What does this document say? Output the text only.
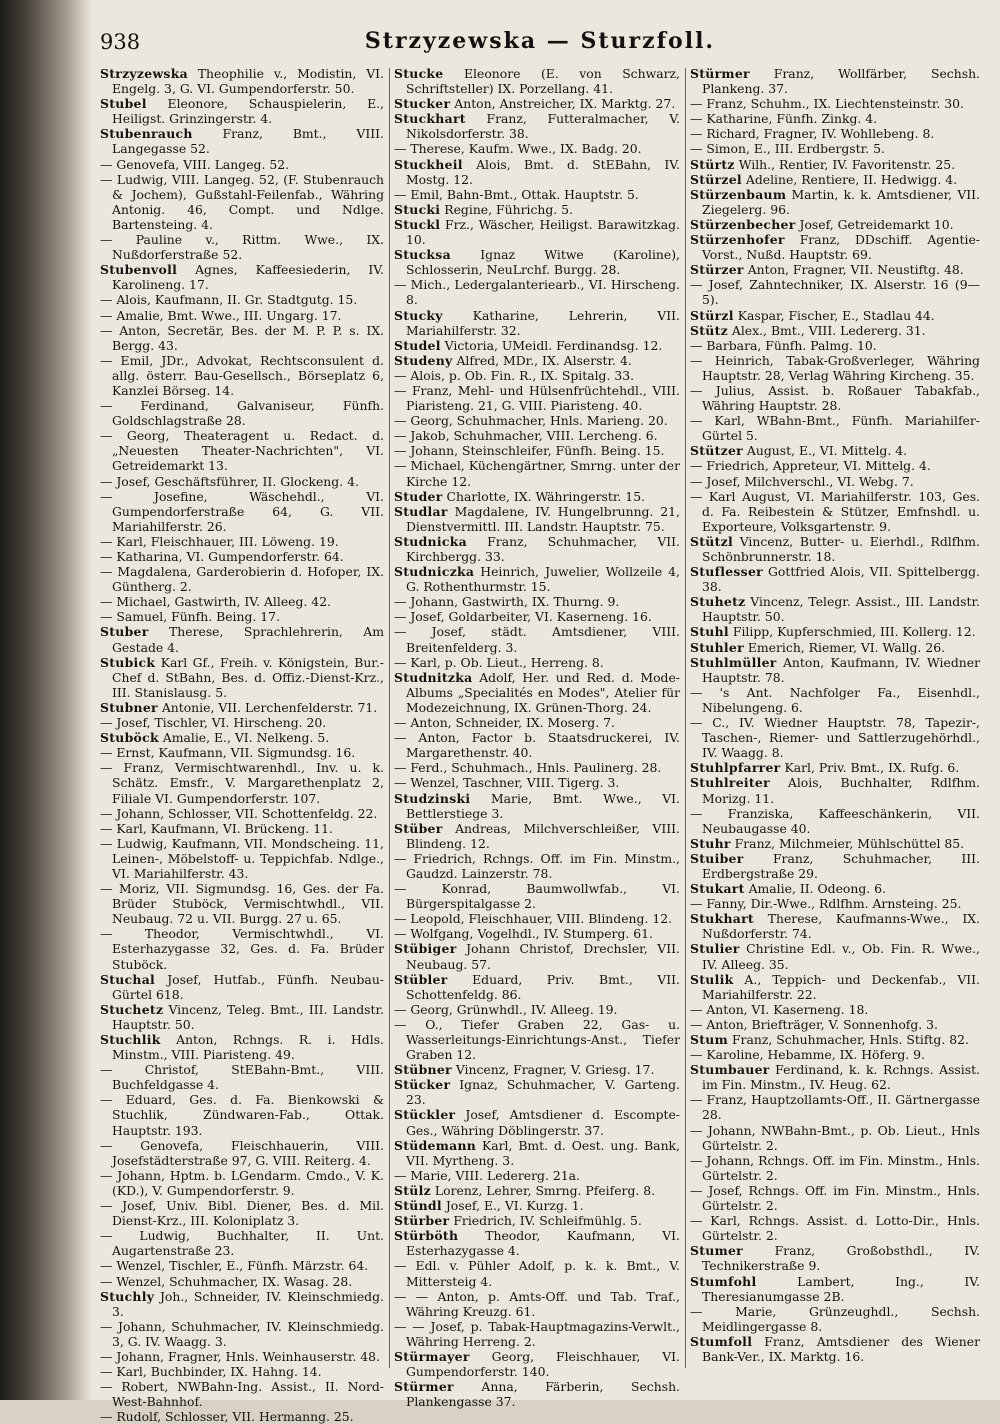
938	Strzyzewska — Sturzfoll.

Strzyzewska Theophilie v., Modistin, VI. Engelg. 3, G. VI. Gumpendorferstr. 50.

Stubel Eleonore, Schauspielerin, E., Heiligst. Grinzingerstr. 4.

Stubenrauch Franz, Bmt., VIII. Langegasse 52.

— Genovefa, VIII. Langeg. 52.

— Ludwig, VIII. Langeg. 52, (F. Stubenrauch & Jochem), Gußstahl-Feilenfab., Währing Antonig. 46, Compt. und Ndlge. Bartensteing. 4.

— Pauline v., Rittm. Wwe., IX. Nußdorferstraße 52.

Stubenvoll Agnes, Kaffeesiederin, IV. Karolineng. 17.

— Alois, Kaufmann, II. Gr. Stadtgutg. 15.

— Amalie, Bmt. Wwe., III. Ungarg. 17.

— Anton, Secretär, Bes. der M. P. P. s. IX. Bergg. 43.

— Emil, JDr., Advokat, Rechtsconsulent d. allg. österr. Bau-Gesellsch., Börseplatz 6, Kanzlei Börseg. 14.

— Ferdinand, Galvaniseur, Fünfh. Goldschlagstraße 28.

— Georg, Theateragent u. Redact. d. „Neuesten Theater-Nachrichten", VI. Getreidemarkt 13.

— Josef, Geschäftsführer, II. Glockeng. 4.

— Josefine, Wäschehdl., VI. Gumpendorferstraße 64, G. VII. Mariahilferstr. 26.

— Karl, Fleischhauer, III. Löweng. 19.

— Katharina, VI. Gumpendorferstr. 64.

— Magdalena, Garderobierin d. Hofoper, IX. Güntherg. 2.

— Michael, Gastwirth, IV. Alleeg. 42.

— Samuel, Fünfh. Being. 17.

Stuber Therese, Sprachlehrerin, Am Gestade 4.

Stubick Karl Gf., Freih. v. Königstein, Bur.-Chef d. StBahn, Bes. d. Offiz.-Dienst-Krz., III. Stanislausg. 5.

Stubner Antonie, VII. Lerchenfelderstr. 71.

— Josef, Tischler, VI. Hirscheng. 20.

Stuböck Amalie, E., VI. Nelkeng. 5.

— Ernst, Kaufmann, VII. Sigmundsg. 16.

— Franz, Vermischtwarenhdl., Inv. u. k. Schätz. Emsfr., V. Margarethenplatz 2, Filiale VI. Gumpendorferstr. 107.

— Johann, Schlosser, VII. Schottenfeldg. 22.

— Karl, Kaufmann, VI. Brückeng. 11.

— Ludwig, Kaufmann, VII. Mondscheing. 11, Leinen-, Möbelstoff- u. Teppichfab. Ndlge., VI. Mariahilferstr. 43.

— Moriz, VII. Sigmundsg. 16, Ges. der Fa. Brüder Stuböck, Vermischtwhdl., VII. Neubaug. 72 u. VII. Burgg. 27 u. 65.

— Theodor, Vermischtwhdl., VI. Esterhazygasse 32, Ges. d. Fa. Brüder Stuböck.

Stuchal Josef, Hutfab., Fünfh. Neubau-Gürtel 618.

Stuchetz Vincenz, Teleg. Bmt., III. Landstr. Hauptstr. 50.

Stuchlik Anton, Rchngs. R. i. Hdls. Minstm., VIII. Piaristeng. 49.

— Christof, StEBahn-Bmt., VIII. Buchfeldgasse 4.

— Eduard, Ges. d. Fa. Bienkowski & Stuchlik, Zündwaren-Fab., Ottak. Hauptstr. 193.

— Genovefa, Fleischhauerin, VIII. Josefstädterstraße 97, G. VIII. Reiterg. 4.

— Johann, Hptm. b. LGendarm. Cmdo., V. K. (KD.), V. Gumpendorferstr. 9.

— Josef, Univ. Bibl. Diener, Bes. d. Mil. Dienst-Krz., III. Koloniplatz 3.

— Ludwig, Buchhalter, II. Unt. Augartenstraße 23.

— Wenzel, Tischler, E., Fünfh. Märzstr. 64.

— Wenzel, Schuhmacher, IX. Wasag. 28.

Stuchly Joh., Schneider, IV. Kleinschmiedg. 3.

— Johann, Schuhmacher, IV. Kleinschmiedg. 3, G. IV. Waagg. 3.

— Johann, Fragner, Hnls. Weinhauserstr. 48.

— Karl, Buchbinder, IX. Hahng. 14.

— Robert, NWBahn-Ing. Assist., II. Nord-West-Bahnhof.

— Rudolf, Schlosser, VII. Hermanng. 25.

Stucke Eleonore (E. von Schwarz, Schriftsteller) IX. Porzellang. 41.

Stucker Anton, Anstreicher, IX. Marktg. 27.

Stuckhart Franz, Futteralmacher, V. Nikolsdorferstr. 38.

— Therese, Kaufm. Wwe., IX. Badg. 20.

Stuckheil Alois, Bmt. d. StEBahn, IV. Mostg. 12.

— Emil, Bahn-Bmt., Ottak. Hauptstr. 5.

Stucki Regine, Führichg. 5.

Stuckl Frz., Wäscher, Heiligst. Barawitzkag. 10.

Stucksa Ignaz Witwe (Karoline), Schlosserin, NeuLrchf. Burgg. 28.

— Mich., Ledergalanteriearb., VI. Hirscheng. 8.

Stucky Katharine, Lehrerin, VII. Mariahilferstr. 32.

Studel Victoria, UMeidl. Ferdinandsg. 12.

Studeny Alfred, MDr., IX. Alserstr. 4.

— Alois, p. Ob. Fin. R., IX. Spitalg. 33.

— Franz, Mehl- und Hülsenfrüchtehdl., VIII. Piaristeng. 21, G. VIII. Piaristeng. 40.

— Georg, Schuhmacher, Hnls. Marieng. 20.

— Jakob, Schuhmacher, VIII. Lercheng. 6.

— Johann, Steinschleifer, Fünfh. Being. 15.

— Michael, Küchengärtner, Smrng. unter der Kirche 12.

Studer Charlotte, IX. Währingerstr. 15.

Studlar Magdalene, IV. Hungelbrunng. 21, Dienstvermittl. III. Landstr. Hauptstr. 75.

Studnicka Franz, Schuhmacher, VII. Kirchbergg. 33.

Studniczka Heinrich, Juwelier, Wollzeile 4, G. Rothenthurmstr. 15.

— Johann, Gastwirth, IX. Thurng. 9.

— Josef, Goldarbeiter, VI. Kaserneng. 16.

— Josef, städt. Amtsdiener, VIII. Breitenfelderg. 3.

— Karl, p. Ob. Lieut., Herreng. 8.

Studnitzka Adolf, Her. und Red. d. Mode-Albums „Specialités en Modes", Atelier für Modezeichnung, IX. Grünen-Thorg. 24.

— Anton, Schneider, IX. Moserg. 7.

— Anton, Factor b. Staatsdruckerei, IV. Margarethenstr. 40.

— Ferd., Schuhmach., Hnls. Paulinerg. 28.

— Wenzel, Taschner, VIII. Tigerg. 3.

Studzinski Marie, Bmt. Wwe., VI. Bettlerstiege 3.

Stüber Andreas, Milchverschleißer, VIII. Blindeng. 12.

— Friedrich, Rchngs. Off. im Fin. Minstm., Gaudzd. Lainzerstr. 78.

— Konrad, Baumwollwfab., VI. Bürgerspitalgasse 2.

— Leopold, Fleischhauer, VIII. Blindeng. 12.

— Wolfgang, Vogelhdl., IV. Stumperg. 61.

Stübiger Johann Christof, Drechsler, VII. Neubaug. 57.

Stübler Eduard, Priv. Bmt., VII. Schottenfeldg. 86.

— Georg, Grünwhdl., IV. Alleeg. 19.

— O., Tiefer Graben 22, Gas- u. Wasserleitungs-Einrichtungs-Anst., Tiefer Graben 12.

Stübner Vincenz, Fragner, V. Griesg. 17.

Stücker Ignaz, Schuhmacher, V. Garteng. 23.

Stückler Josef, Amtsdiener d. Escompte-Ges., Währing Döblingerstr. 37.

Stüdemann Karl, Bmt. d. Oest. ung. Bank, VII. Myrtheng. 3.

— Marie, VIII. Ledererg. 21a.

Stülz Lorenz, Lehrer, Smrng. Pfeiferg. 8.

Stündl Josef, E., VI. Kurzg. 1.

Stürber Friedrich, IV. Schleifmühlg. 5.

Stürböth Theodor, Kaufmann, VI. Esterhazygasse 4.

— Edl. v. Pühler Adolf, p. k. k. Bmt., V. Mittersteig 4.

— — Anton, p. Amts-Off. und Tab. Traf., Währing Kreuzg. 61.

— — Josef, p. Tabak-Hauptmagazins-Verwlt., Währing Herreng. 2.

Stürmayer Georg, Fleischhauer, VI. Gumpendorferstr. 140.

Stürmer Anna, Färberin, Sechsh. Plankengasse 37.

Stürmer Franz, Wollfärber, Sechsh. Plankeng. 37.

— Franz, Schuhm., IX. Liechtensteinstr. 30.

— Katharine, Fünfh. Zinkg. 4.

— Richard, Fragner, IV. Wohllebeng. 8.

— Simon, E., III. Erdbergstr. 5.

Stürtz Wilh., Rentier, IV. Favoritenstr. 25.

Stürzel Adeline, Rentiere, II. Hedwigg. 4.

Stürzenbaum Martin, k. k. Amtsdiener, VII. Ziegelerg. 96.

Stürzenbecher Josef, Getreidemarkt 10.

Stürzenhofer Franz, DDschiff. Agentie-Vorst., Nußd. Hauptstr. 69.

Stürzer Anton, Fragner, VII. Neustiftg. 48.

— Josef, Zahntechniker, IX. Alserstr. 16 (9—5).

Stürzl Kaspar, Fischer, E., Stadlau 44.

Stütz Alex., Bmt., VIII. Ledererg. 31.

— Barbara, Fünfh. Palmg. 10.

— Heinrich, Tabak-Großverleger, Währing Hauptstr. 28, Verlag Währing Kircheng. 35.

— Julius, Assist. b. Roßauer Tabakfab., Währing Hauptstr. 28.

— Karl, WBahn-Bmt., Fünfh. Mariahilfer-Gürtel 5.

Stützer August, E., VI. Mittelg. 4.

— Friedrich, Appreteur, VI. Mittelg. 4.

— Josef, Milchverschl., VI. Webg. 7.

— Karl August, VI. Mariahilferstr. 103, Ges. d. Fa. Reibestein & Stützer, Emfnshdl. u. Exporteure, Volksgartenstr. 9.

Stützl Vincenz, Butter- u. Eierhdl., Rdlfhm. Schönbrunnerstr. 18.

Stuflesser Gottfried Alois, VII. Spittelbergg. 38.

Stuhetz Vincenz, Telegr. Assist., III. Landstr. Hauptstr. 50.

Stuhl Filipp, Kupferschmied, III. Kollerg. 12.

Stuhler Emerich, Riemer, VI. Wallg. 26.

Stuhlmüller Anton, Kaufmann, IV. Wiedner Hauptstr. 78.

— 's Ant. Nachfolger Fa., Eisenhdl., Nibelungeng. 6.

— C., IV. Wiedner Hauptstr. 78, Tapezir-, Taschen-, Riemer- und Sattlerzugehörhdl., IV. Waagg. 8.

Stuhlpfarrer Karl, Priv. Bmt., IX. Rufg. 6.

Stuhlreiter Alois, Buchhalter, Rdlfhm. Morizg. 11.

— Franziska, Kaffeeschänkerin, VII. Neubaugasse 40.

Stuhr Franz, Milchmeier, Mühlschüttel 85.

Stuiber Franz, Schuhmacher, III. Erdbergstraße 29.

Stukart Amalie, II. Odeong. 6.

— Fanny, Dir.-Wwe., Rdlfhm. Arnsteing. 25.

Stukhart Therese, Kaufmanns-Wwe., IX. Nußdorferstr. 74.

Stulier Christine Edl. v., Ob. Fin. R. Wwe., IV. Alleeg. 35.

Stulik A., Teppich- und Deckenfab., VII. Mariahilferstr. 22.

— Anton, VI. Kaserneng. 18.

— Anton, Briefträger, V. Sonnenhofg. 3.

Stum Franz, Schuhmacher, Hnls. Stiftg. 82.

— Karoline, Hebamme, IX. Höferg. 9.

Stumbauer Ferdinand, k. k. Rchngs. Assist. im Fin. Minstm., IV. Heug. 62.

— Franz, Hauptzollamts-Off., II. Gärtnergasse 28.

— Johann, NWBahn-Bmt., p. Ob. Lieut., Hnls Gürtelstr. 2.

— Johann, Rchngs. Off. im Fin. Minstm., Hnls. Gürtelstr. 2.

— Josef, Rchngs. Off. im Fin. Minstm., Hnls. Gürtelstr. 2.

— Karl, Rchngs. Assist. d. Lotto-Dir., Hnls. Gürtelstr. 2.

Stumer Franz, Großobsthdl., IV. Technikerstraße 9.

Stumfohl Lambert, Ing., IV. Theresianumgasse 2B.

— Marie, Grünzeughdl., Sechsh. Meidlingergasse 8.

Stumfoll Franz, Amtsdiener des Wiener Bank-Ver., IX. Marktg. 16.
